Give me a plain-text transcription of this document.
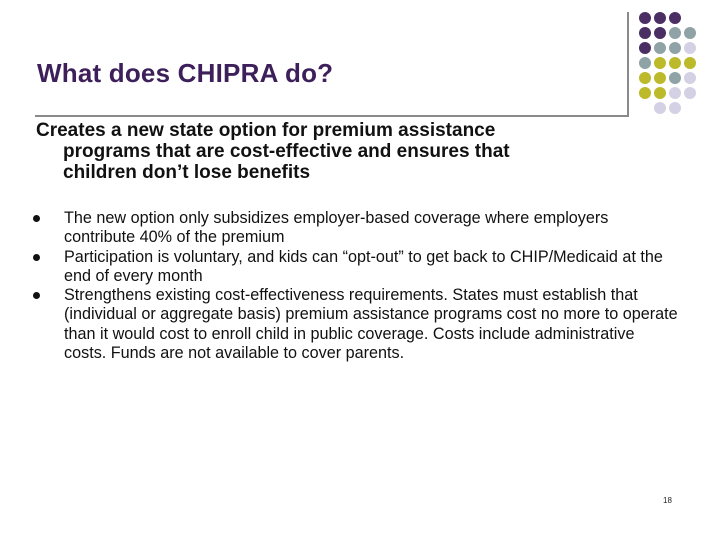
What does CHIPRA do?
Creates a new state option for premium assistance
programs that are cost-effective and ensures that
children don’t lose benefits
The new option only subsidizes employer-based coverage where employers contribute 40% of the premium
Participation is voluntary, and kids can “opt-out” to get back to CHIP/Medicaid at the end of every month
Strengthens existing cost-effectiveness requirements. States must establish that (individual or aggregate basis) premium assistance programs cost no more to operate than it would cost to enroll child in public coverage. Costs include administrative costs. Funds are not available to cover parents.
18
